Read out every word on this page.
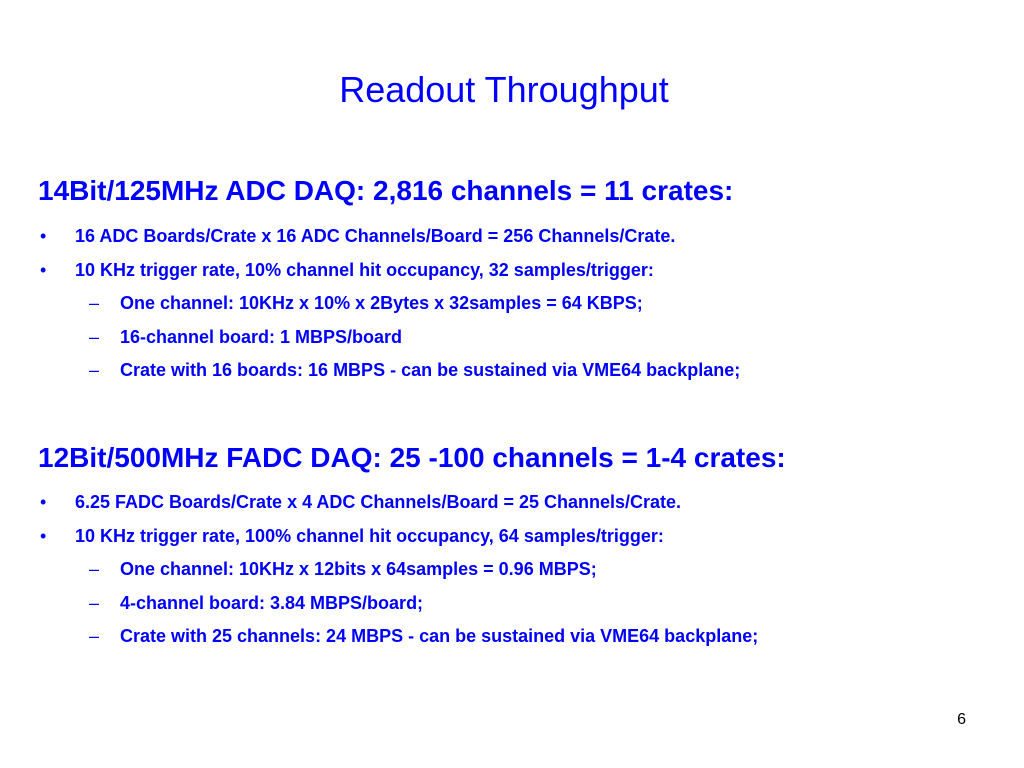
Readout Throughput
14Bit/125MHz ADC DAQ: 2,816 channels = 11 crates:
• 16 ADC Boards/Crate x 16 ADC Channels/Board = 256 Channels/Crate.
• 10 KHz trigger rate, 10% channel hit occupancy, 32 samples/trigger:
– One channel: 10KHz x 10% x 2Bytes x 32samples = 64 KBPS;
– 16-channel board: 1 MBPS/board
– Crate with 16 boards: 16 MBPS - can be sustained via VME64 backplane;
12Bit/500MHz FADC DAQ: 25 -100 channels = 1-4 crates:
• 6.25 FADC Boards/Crate x 4 ADC Channels/Board = 25 Channels/Crate.
• 10 KHz trigger rate, 100% channel hit occupancy, 64 samples/trigger:
– One channel: 10KHz x 12bits x 64samples = 0.96 MBPS;
– 4-channel board: 3.84 MBPS/board;
– Crate with 25 channels: 24 MBPS - can be sustained via VME64 backplane;
6
